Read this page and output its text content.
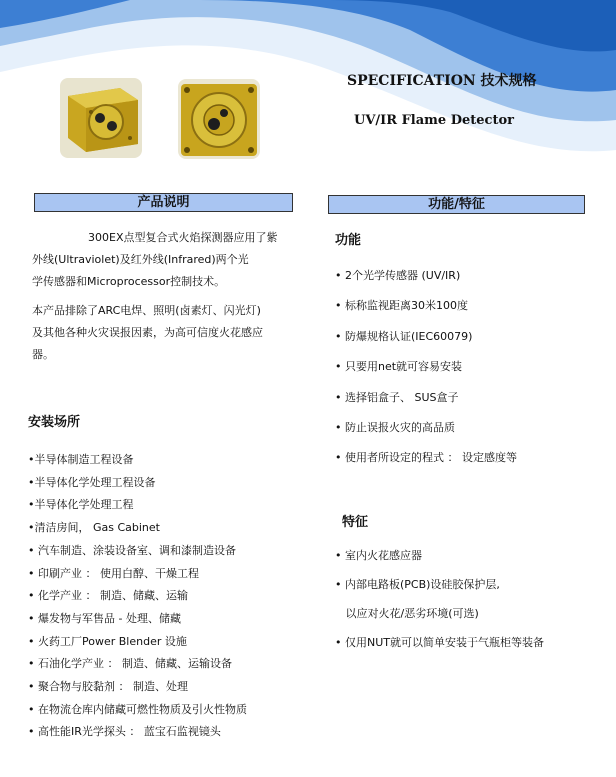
SPECIFICATION 技术规格
UV/IR Flame Detector
产品说明
300EX点型复合式火焰探测器应用了紫
外线(Ultraviolet)及红外线(Infrared)两个光
学传感器和Microprocessor控制技术。
本产品排除了ARC电焊、照明(卤素灯、闪光灯)
及其他各种火灾误报因素，为高可信度火花感应
器。
安装场所
•半导体制造工程设备
•半导体化学处理工程设备
•半导体化学处理工程
•清洁房间， Gas Cabinet
• 汽车制造、涂装设备室、调和漆制造设备
• 印刷产业 ： 使用白醇、干燥工程
• 化学产业 ： 制造、储藏、运输
• 爆发物与军售品 - 处理、储藏
• 火药工厂Power Blender 设施
• 石油化学产业 ： 制造、储藏、运输设备
• 聚合物与胶黏剂 ： 制造、处理
• 在物流仓库内储藏可燃性物质及引火性物质
• 高性能IR光学探头 ： 蓝宝石监视镜头
功能/特征
功能
• 2个光学传感器 (UV/IR)
• 标称监视距离30米100度
• 防爆规格认证(IEC60079)
• 只要用net就可容易安装
• 选择铝盒子、 SUS盒子
• 防止误报火灾的高品质
• 使用者所设定的程式 ： 设定感度等
特征
• 室内火花感应器
• 内部电路板(PCB)设硅胶保护层,
以应对火花/恶劣环境(可选)
• 仅用NUT就可以简单安装于气瓶柜等装备
